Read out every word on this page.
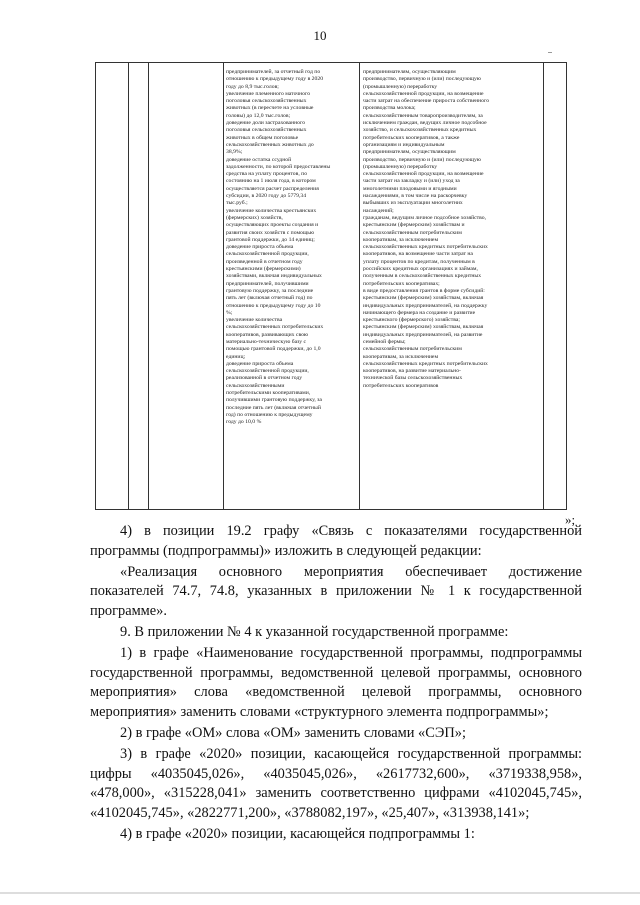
10

предпринимателей, за отчетный год по

отношению к предыдущему году в 2020

году до 8,9 тыс.голов;

увеличение племенного маточного

поголовья сельскохозяйственных

животных (в пересчете на условные

головы) до 12,0 тыс.голов;

доведение доли застрахованного

поголовья сельскохозяйственных

животных в общем поголовье

сельскохозяйственных животных до

38,9%;

доведение остатка ссудной

задолженности, по которой предоставлены

средства на уплату процентов, по

состоянию на 1 июля года, в котором

осуществляется расчет распределения

субсидии, в 2020 году до 5779,34

тыс.руб.;

увеличение количества крестьянских

(фермерских) хозяйств,

осуществляющих проекты создания и

развития своих хозяйств с помощью

грантовой поддержки, до 14 единиц;

доведение прироста объема

сельскохозяйственной продукции,

произведенной в отчетном году

крестьянскими (фермерскими)

хозяйствами, включая индивидуальных

предпринимателей, получившими

грантовую поддержку, за последние

пять лет (включая отчетный год) по

отношению к предыдущему году до 10

%;

увеличение количества

сельскохозяйственных потребительских

кооперативов, развивающих свою

материально-техническую базу с

помощью грантовой поддержки, до 1,0

единиц;

доведение прироста объема

сельскохозяйственной продукции,

реализованной в отчетном году

сельскохозяйственными

потребительскими кооперативами,

получившими грантовую поддержку, за

последние пять лет (включая отчетный

год) по отношению к предыдущему

году до 10,0 %

предпринимателям, осуществляющим

производство, первичную и (или) последующую

(промышленную) переработку

сельскохозяйственной продукции, на возмещение

части затрат на обеспечение прироста собственного

производства молока;

сельскохозяйственным товаропроизводителям, за

исключением граждан, ведущих личное подсобное

хозяйство, и сельскохозяйственных кредитных

потребительских кооперативов, а также

организациям и индивидуальным

предпринимателям, осуществляющим

производство, первичную и (или) последующую

(промышленную) переработку

сельскохозяйственной продукции, на возмещение

части затрат на закладку и (или) уход за

многолетними плодовыми и ягодными

насаждениями, в том числе на раскорчевку

выбывших из эксплуатации многолетних

насаждений;

гражданам, ведущим личное подсобное хозяйство,

крестьянским (фермерским) хозяйствам и

сельскохозяйственным потребительским

кооперативам, за исключением

сельскохозяйственных кредитных потребительских

кооперативов, на возмещение части затрат на

уплату процентов по кредитам, полученным в

российских кредитных организациях и займам,

полученным в сельскохозяйственных кредитных

потребительских кооперативах;

в виде предоставления грантов в форме субсидий:

крестьянским (фермерским) хозяйствам, включая

индивидуальных предпринимателей, на поддержку

начинающего фермера на создание и развитие

крестьянского (фермерского) хозяйства;

крестьянским (фермерским) хозяйствам, включая

индивидуальных предпринимателей, на развитие

семейной фермы;

сельскохозяйственным потребительским

кооперативам, за исключением

сельскохозяйственных кредитных потребительских

кооперативов, на развитие материально-

технической базы сельскохозяйственных

потребительских кооперативов

»;

4) в позиции 19.2 графу «Связь с показателями государственной программы (подпрограммы)» изложить в следующей редакции:

«Реализация основного мероприятия обеспечивает достижение показателей 74.7, 74.8, указанных в приложении № 1 к государственной программе».

9. В приложении № 4 к указанной государственной программе:

1) в графе «Наименование государственной программы, подпрограммы государственной программы, ведомственной целевой программы, основного мероприятия» слова «ведомственной целевой программы, основного мероприятия» заменить словами «структурного элемента подпрограммы»;

2) в графе «ОМ» слова «ОМ» заменить словами «СЭП»;

3) в графе «2020» позиции, касающейся государственной программы: цифры «4035045,026», «4035045,026», «2617732,600», «3719338,958», «478,000», «315228,041» заменить соответственно цифрами «4102045,745», «4102045,745», «2822771,200», «3788082,197», «25,407», «313938,141»;

4) в графе «2020» позиции, касающейся подпрограммы 1:
